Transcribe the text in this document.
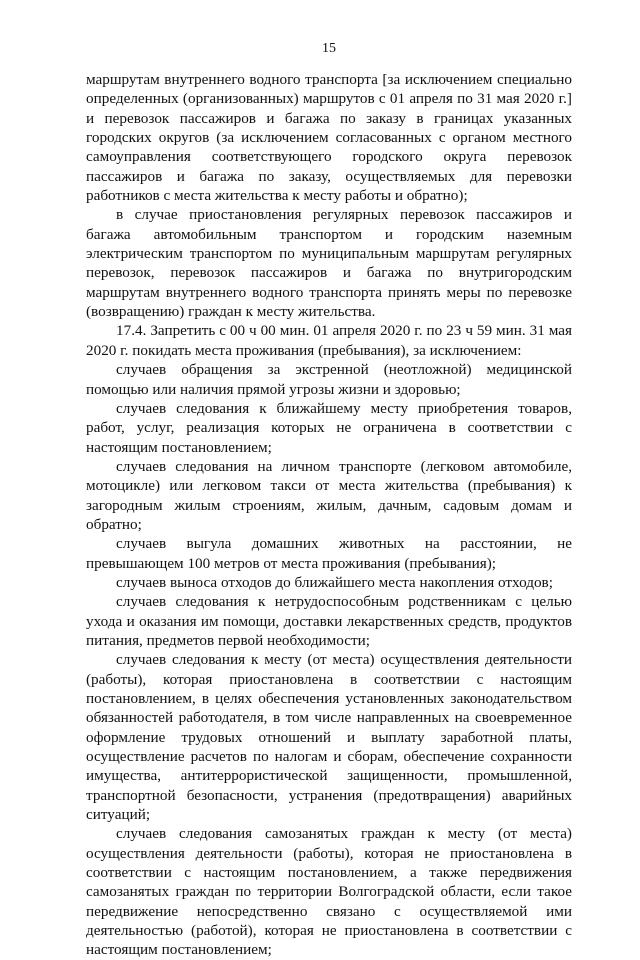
15

маршрутам внутреннего водного транспорта [за исключением специально определенных (организованных) маршрутов с 01 апреля по 31 мая 2020 г.] и перевозок пассажиров и багажа по заказу в границах указанных городских округов (за исключением согласованных с органом местного самоуправления соответствующего городского округа перевозок пассажиров и багажа по заказу, осуществляемых для перевозки работников с места жительства к месту работы и обратно);

в случае приостановления регулярных перевозок пассажиров и багажа автомобильным транспортом и городским наземным электрическим транспортом по муниципальным маршрутам регулярных перевозок, перевозок пассажиров и багажа по внутригородским маршрутам внутреннего водного транспорта принять меры по перевозке (возвращению) граждан к месту жительства.

17.4. Запретить с 00 ч 00 мин. 01 апреля 2020 г. по 23 ч 59 мин. 31 мая 2020 г. покидать места проживания (пребывания), за исключением:

случаев обращения за экстренной (неотложной) медицинской помощью или наличия прямой угрозы жизни и здоровью;

случаев следования к ближайшему месту приобретения товаров, работ, услуг, реализация которых не ограничена в соответствии с настоящим постановлением;

случаев следования на личном транспорте (легковом автомобиле, мотоцикле) или легковом такси от места жительства (пребывания) к загородным жилым строениям, жилым, дачным, садовым домам и обратно;

случаев выгула домашних животных на расстоянии, не превышающем 100 метров от места проживания (пребывания);

случаев выноса отходов до ближайшего места накопления отходов;

случаев следования к нетрудоспособным родственникам с целью ухода и оказания им помощи, доставки лекарственных средств, продуктов питания, предметов первой необходимости;

случаев следования к месту (от места) осуществления деятельности (работы), которая приостановлена в соответствии с настоящим постановлением, в целях обеспечения установленных законодательством обязанностей работодателя, в том числе направленных на своевременное оформление трудовых отношений и выплату заработной платы, осуществление расчетов по налогам и сборам, обеспечение сохранности имущества, антитеррористической защищенности, промышленной, транспортной безопасности, устранения (предотвращения) аварийных ситуаций;

случаев следования самозанятых граждан к месту (от места) осуществления деятельности (работы), которая не приостановлена в соответствии с настоящим постановлением, а также передвижения самозанятых граждан по территории Волгоградской области, если такое передвижение непосредственно связано с осуществляемой ими деятельностью (работой), которая не приостановлена в соответствии с настоящим постановлением;
